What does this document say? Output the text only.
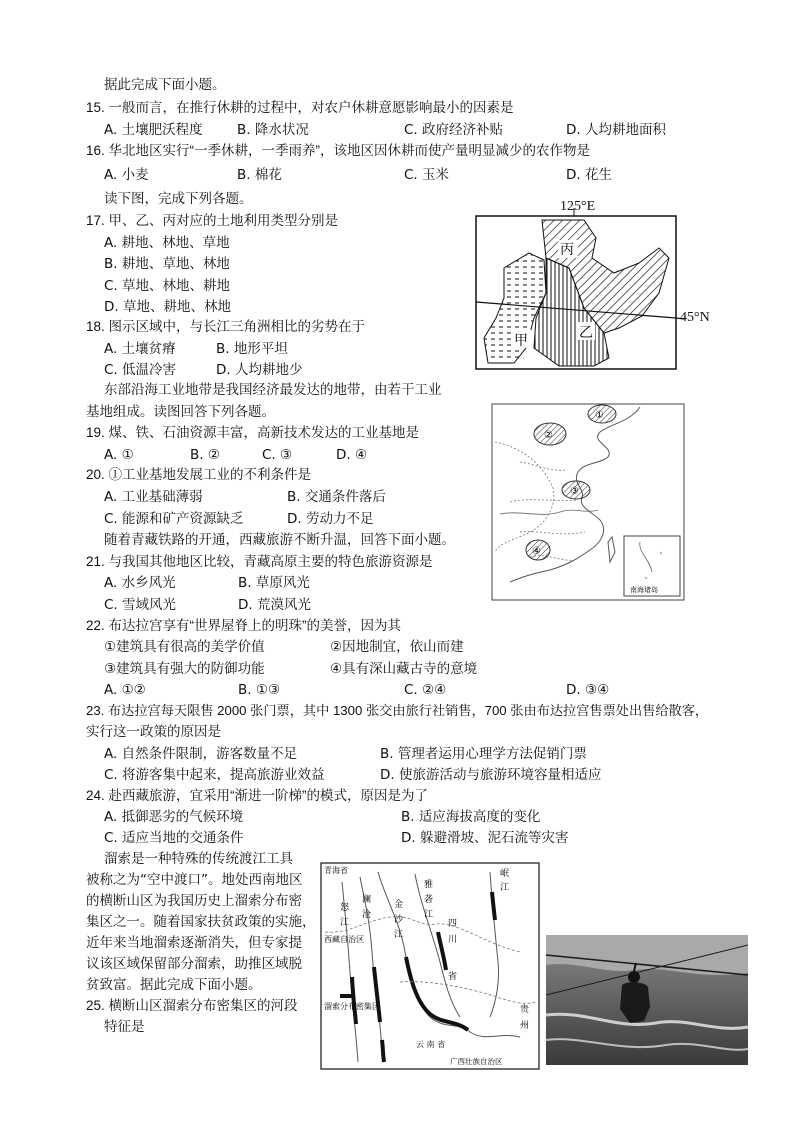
据此完成下面小题。
15. 一般而言，在推行休耕的过程中，对农户休耕意愿影响最小的因素是
A. 土壤肥沃程度	B. 降水状况	C. 政府经济补贴	D. 人均耕地面积
16. 华北地区实行“一季休耕，一季雨养”，该地区因休耕而使产量明显减少的农作物是
A. 小麦	B. 棉花	C. 玉米	D. 花生
读下图，完成下列各题。
17. 甲、乙、丙对应的土地利用类型分别是
A. 耕地、林地、草地
B. 耕地、草地、林地
C. 草地、林地、耕地
D. 草地、耕地、林地
18. 图示区域中，与长江三角洲相比的劣势在于
A. 土壤贫瘠	B. 地形平坦
C. 低温冷害	D. 人均耕地少
东部沿海工业地带是我国经济最发达的地带，由若干工业
基地组成。读图回答下列各题。
19. 煤、铁、石油资源丰富，高新技术发达的工业基地是
A. ①	B. ②	C. ③	D. ④
20. ①工业基地发展工业的不利条件是
A. 工业基础薄弱	B. 交通条件落后
C. 能源和矿产资源缺乏	D. 劳动力不足
随着青藏铁路的开通，西藏旅游不断升温，回答下面小题。
21. 与我国其他地区比较，青藏高原主要的特色旅游资源是
A. 水乡风光	B. 草原风光
C. 雪域风光	D. 荒漠风光
22. 布达拉宫享有“世界屋脊上的明珠”的美誉，因为其
①建筑具有很高的美学价值	②因地制宜，依山而建
③建筑具有强大的防御功能	④具有深山藏古寺的意境
A. ①②	B. ①③	C. ②④	D. ③④
23. 布达拉宫每天限售 2000 张门票，其中 1300 张交由旅行社销售，700 张由布达拉宫售票处出售给散客，
实行这一政策的原因是
A. 自然条件限制，游客数量不足	B. 管理者运用心理学方法促销门票
C. 将游客集中起来，提高旅游业效益	D. 使旅游活动与旅游环境容量相适应
24. 赴西藏旅游，宜采用“渐进一阶梯”的模式，原因是为了
A. 抵御恶劣的气候环境	B. 适应海拔高度的变化
C. 适应当地的交通条件	D. 躲避滑坡、泥石流等灾害
溜索是一种特殊的传统渡江工具
被称之为“空中渡口”。地处西南地区
的横断山区为我国历史上溜索分布密
集区之一。随着国家扶贫政策的实施，
近年来当地溜索逐渐消失，但专家提
议该区域保留部分溜索，助推区域脱
贫致富。据此完成下面小题。
25. 横断山区溜索分布密集区的河段
特征是
丙
乙
甲
125°E
45°N
①
②
③
④
南海诸岛
青海省
西藏自治区
溜索分布密集区
雅
砻
江
岷
江
四
川
金
沙
江
澜
沧
怒
江
云 南 省
省
贵
州
广西壮族自治区
